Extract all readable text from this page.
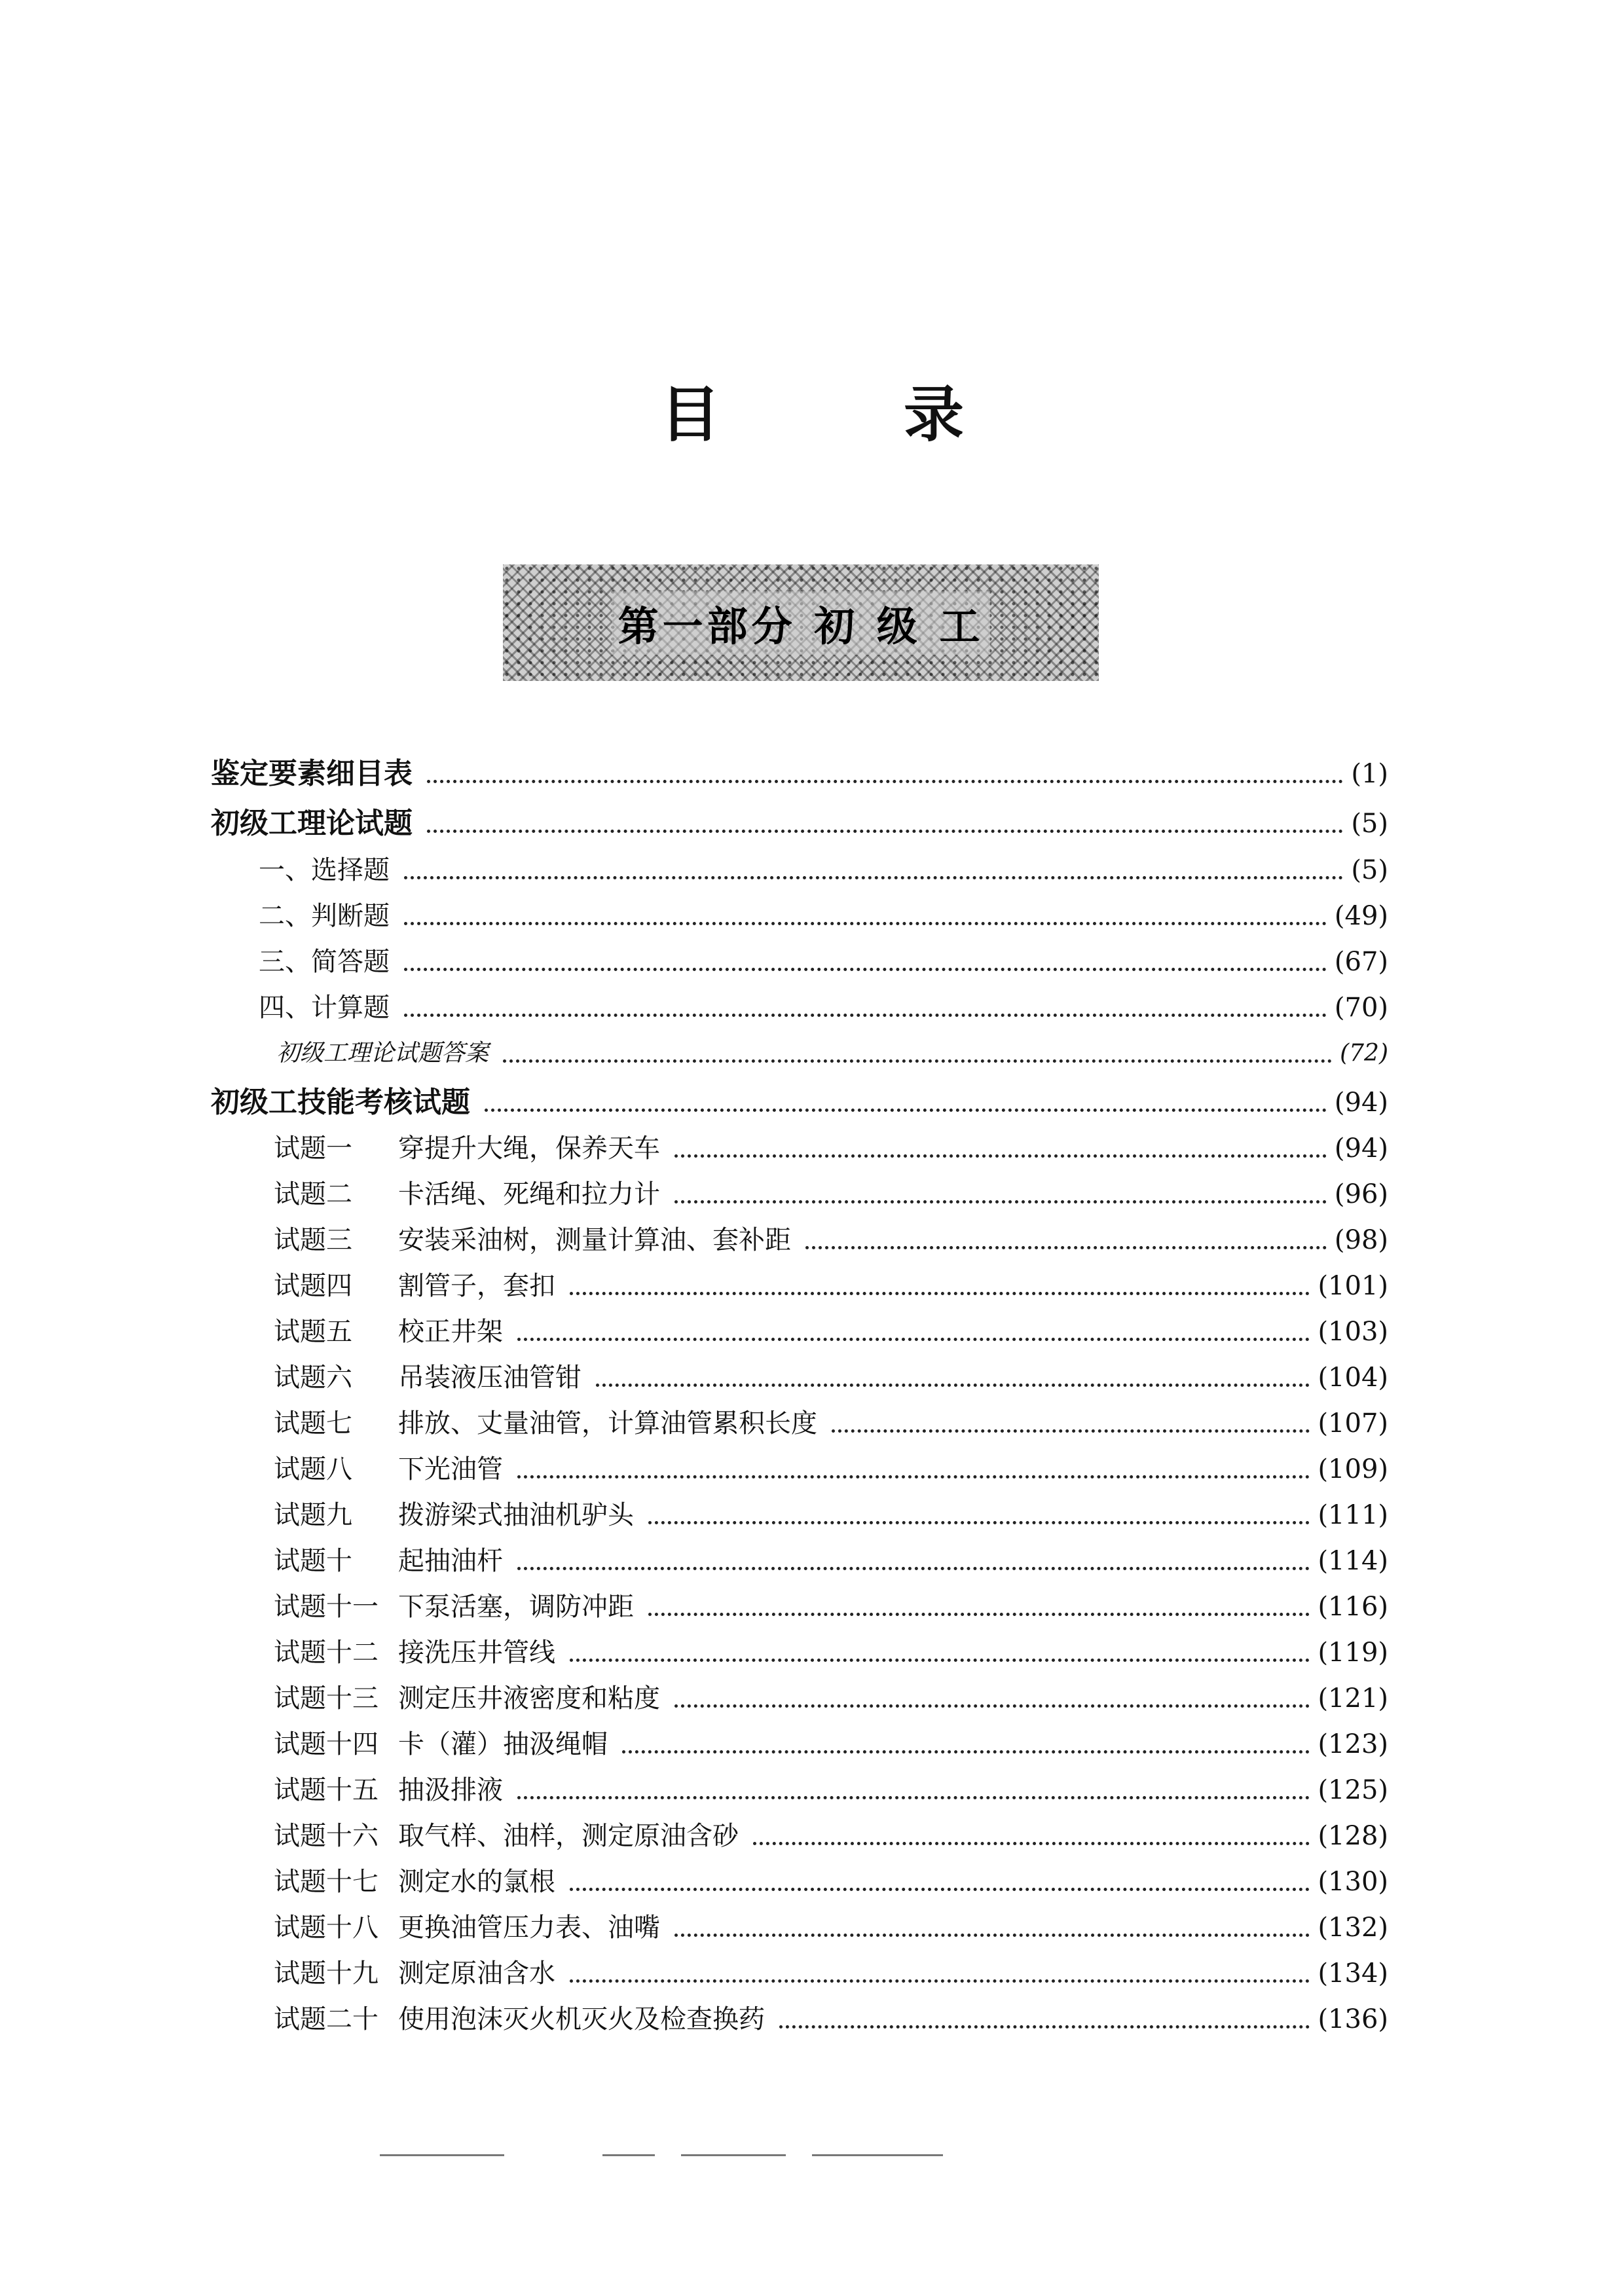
目	录
第一部分 初 级 工
鉴定要素细目表	(1)
初级工理论试题	(5)
一、选择题	(5)
二、判断题	(49)
三、简答题	(67)
四、计算题	(70)
初级工理论试题答案	(72)
初级工技能考核试题	(94)
试题一	穿提升大绳，保养天车	(94)
试题二	卡活绳、死绳和拉力计	(96)
试题三	安装采油树，测量计算油、套补距	(98)
试题四	割管子，套扣	(101)
试题五	校正井架	(103)
试题六	吊装液压油管钳	(104)
试题七	排放、丈量油管，计算油管累积长度	(107)
试题八	下光油管	(109)
试题九	拨游梁式抽油机驴头	(111)
试题十	起抽油杆	(114)
试题十一 下泵活塞，调防冲距	(116)
试题十二 接洗压井管线	(119)
试题十三 测定压井液密度和粘度	(121)
试题十四 卡（灌）抽汲绳帽	(123)
试题十五 抽汲排液	(125)
试题十六 取气样、油样，测定原油含砂	(128)
试题十七 测定水的氯根	(130)
试题十八 更换油管压力表、油嘴	(132)
试题十九 测定原油含水	(134)
试题二十 使用泡沫灭火机灭火及检查换药	(136)
